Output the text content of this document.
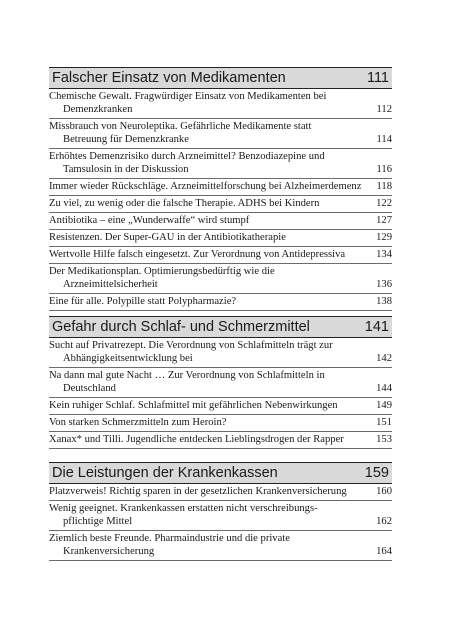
Falscher Einsatz von Medikamenten	111
Chemische Gewalt. Fragwürdiger Einsatz von Medikamenten bei
Demenzkranken	112
Missbrauch von Neuroleptika. Gefährliche Medikamente statt
Betreuung für Demenzkranke	114
Erhöhtes Demenzrisiko durch Arzneimittel? Benzodiazepine und
Tamsulosin in der Diskussion	116
Immer wieder Rückschläge. Arzneimittelforschung bei Alzheimerdemenz	118
Zu viel, zu wenig oder die falsche Therapie. ADHS bei Kindern	122
Antibiotika – eine „Wunderwaffe“ wird stumpf	127
Resistenzen. Der Super-GAU in der Antibiotikatherapie	129
Wertvolle Hilfe falsch eingesetzt. Zur Verordnung von Antidepressiva	134
Der Medikationsplan. Optimierungsbedürftig wie die
Arzneimittelsicherheit	136
Eine für alle. Polypille statt Polypharmazie?	138
Gefahr durch Schlaf- und Schmerzmittel	141
Sucht auf Privatrezept. Die Verordnung von Schlafmitteln trägt zur
Abhängigkeitsentwicklung bei	142
Na dann mal gute Nacht … Zur Verordnung von Schlafmitteln in
Deutschland	144
Kein ruhiger Schlaf. Schlafmittel mit gefährlichen Nebenwirkungen	149
Von starken Schmerzmitteln zum Heroin?	151
Xanax* und Tilli. Jugendliche entdecken Lieblingsdrogen der Rapper	153
Die Leistungen der Krankenkassen	159
Platzverweis! Richtig sparen in der gesetzlichen Krankenversicherung	160
Wenig geeignet. Krankenkassen erstatten nicht verschreibungs-
pflichtige Mittel	162
Ziemlich beste Freunde. Pharmaindustrie und die private
Krankenversicherung	164
